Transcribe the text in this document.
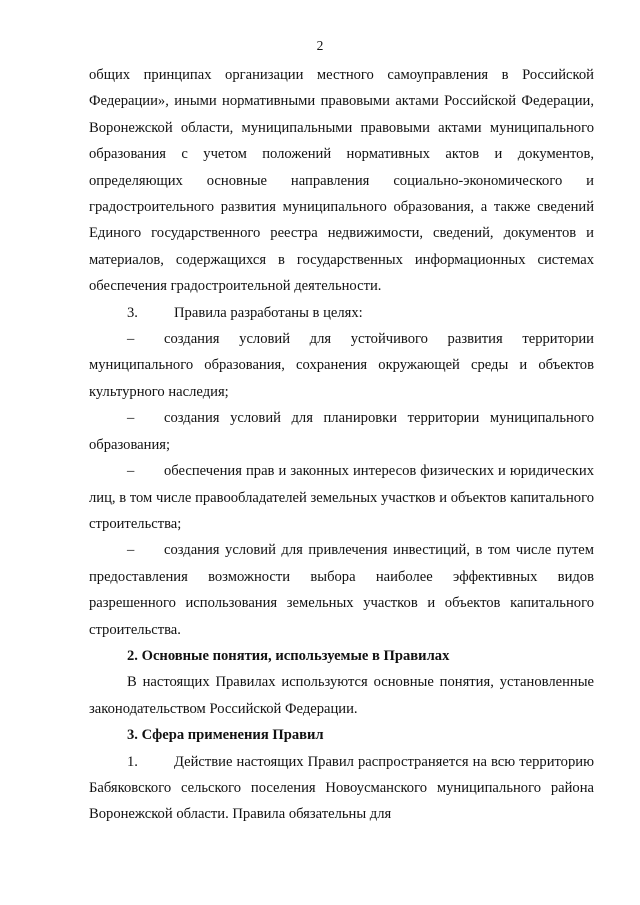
2

общих принципах организации местного самоуправления в Российской Федерации», иными нормативными правовыми актами Российской Федерации, Воронежской области, муниципальными правовыми актами муниципального образования с учетом положений нормативных актов и документов, определяющих основные направления социально-экономического и градостроительного развития муниципального образования, а также сведений Единого государственного реестра недвижимости, сведений, документов и материалов, содержащихся в государственных информационных системах обеспечения градостроительной деятельности.

3. Правила разработаны в целях:

– создания условий для устойчивого развития территории муниципального образования, сохранения окружающей среды и объектов культурного наследия;

– создания условий для планировки территории муниципального образования;

– обеспечения прав и законных интересов физических и юридических лиц, в том числе правообладателей земельных участков и объектов капитального строительства;

– создания условий для привлечения инвестиций, в том числе путем предоставления возможности выбора наиболее эффективных видов разрешенного использования земельных участков и объектов капитального строительства.

2. Основные понятия, используемые в Правилах

В настоящих Правилах используются основные понятия, установленные законодательством Российской Федерации.

3. Сфера применения Правил

1. Действие настоящих Правил распространяется на всю территорию Бабяковского сельского поселения Новоусманского муниципального района Воронежской области. Правила обязательны для
